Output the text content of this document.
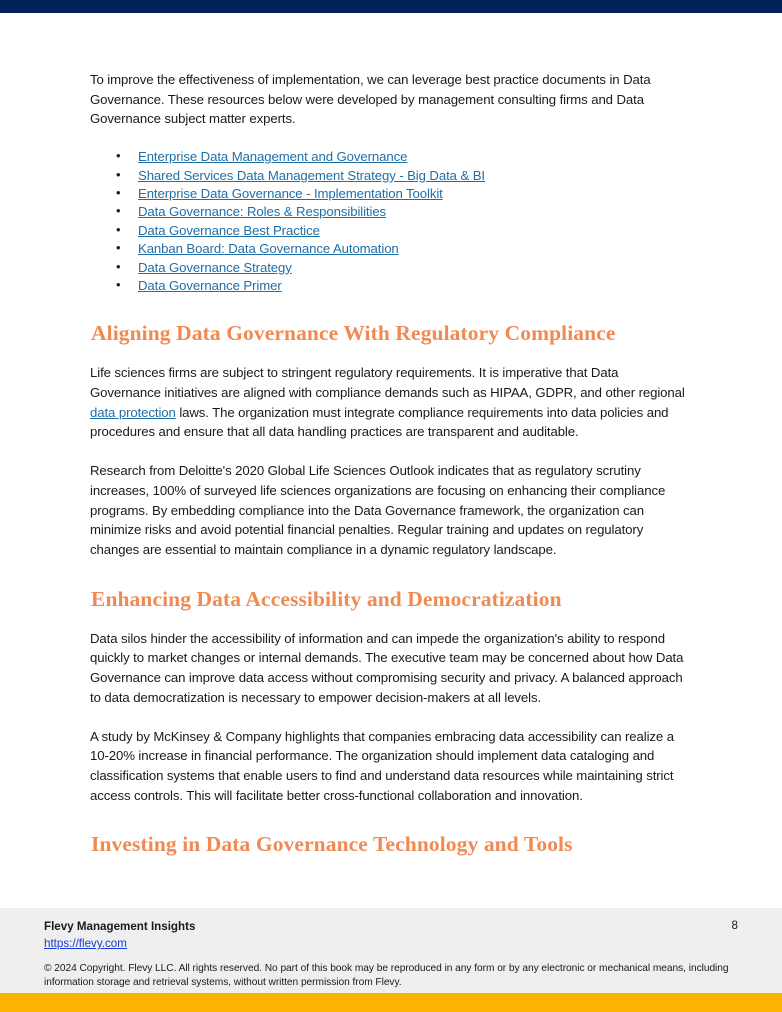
To improve the effectiveness of implementation, we can leverage best practice documents in Data Governance. These resources below were developed by management consulting firms and Data Governance subject matter experts.

• Enterprise Data Management and Governance
• Shared Services Data Management Strategy - Big Data & BI
• Enterprise Data Governance - Implementation Toolkit
• Data Governance: Roles & Responsibilities
• Data Governance Best Practice
• Kanban Board: Data Governance Automation
• Data Governance Strategy
• Data Governance Primer
Aligning Data Governance With Regulatory Compliance

Life sciences firms are subject to stringent regulatory requirements. It is imperative that Data Governance initiatives are aligned with compliance demands such as HIPAA, GDPR, and other regional data protection laws. The organization must integrate compliance requirements into data policies and procedures and ensure that all data handling practices are transparent and auditable.

Research from Deloitte's 2020 Global Life Sciences Outlook indicates that as regulatory scrutiny increases, 100% of surveyed life sciences organizations are focusing on enhancing their compliance programs. By embedding compliance into the Data Governance framework, the organization can minimize risks and avoid potential financial penalties. Regular training and updates on regulatory changes are essential to maintain compliance in a dynamic regulatory landscape.

Enhancing Data Accessibility and Democratization

Data silos hinder the accessibility of information and can impede the organization's ability to respond quickly to market changes or internal demands. The executive team may be concerned about how Data Governance can improve data access without compromising security and privacy. A balanced approach to data democratization is necessary to empower decision-makers at all levels.

A study by McKinsey & Company highlights that companies embracing data accessibility can realize a 10-20% increase in financial performance. The organization should implement data cataloging and classification systems that enable users to find and understand data resources while maintaining strict access controls. This will facilitate better cross-functional collaboration and innovation.

Investing in Data Governance Technology and Tools
Flevy Management Insights
https://flevy.com
8
© 2024 Copyright. Flevy LLC. All rights reserved. No part of this book may be reproduced in any form or by any electronic or mechanical means, including information storage and retrieval systems, without written permission from Flevy.
